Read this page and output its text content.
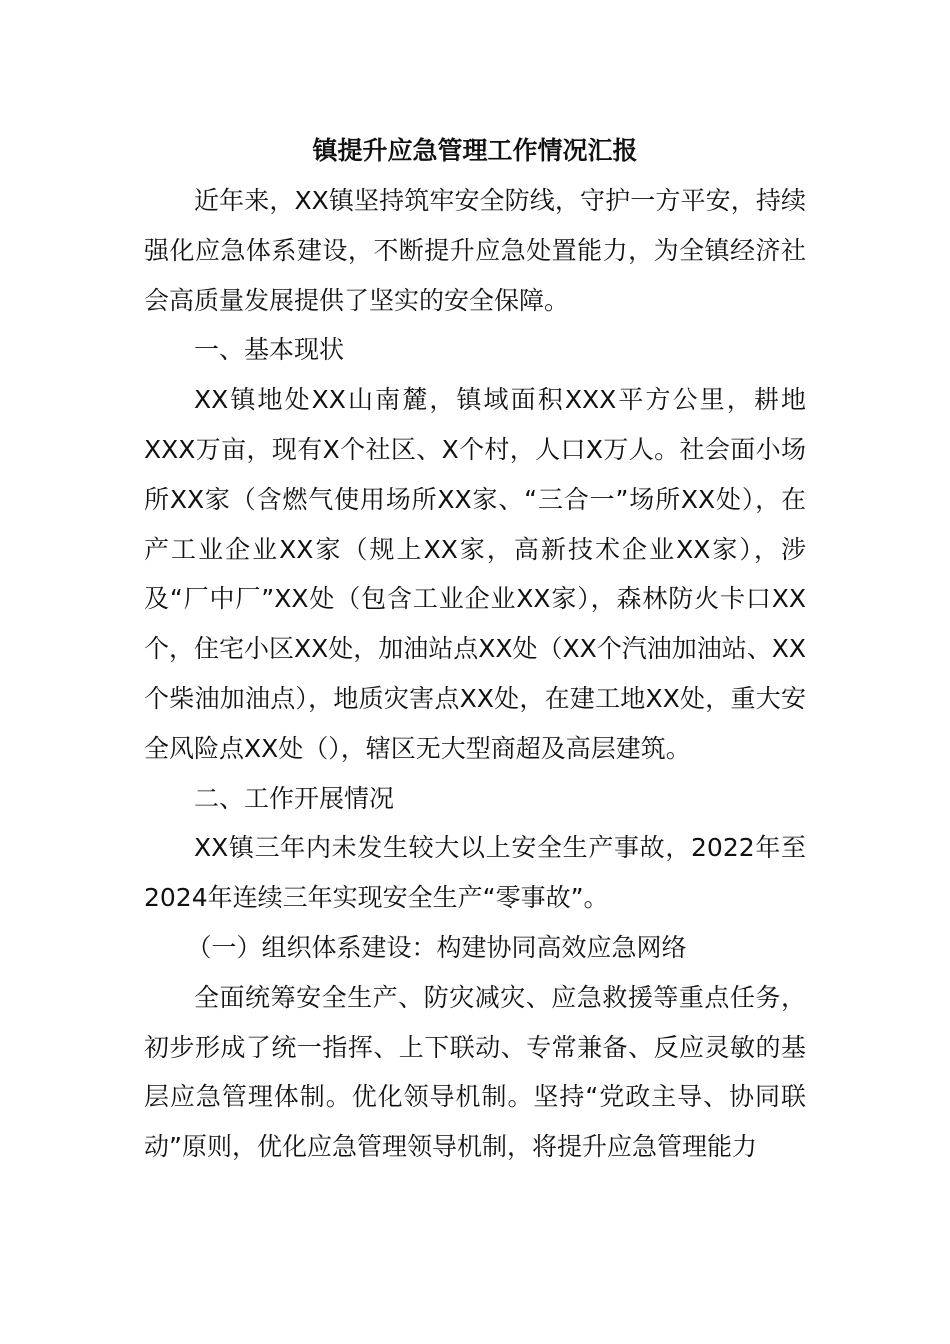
镇提升应急管理工作情况汇报

近年来，XX镇坚持筑牢安全防线，守护一方平安，持续强化应急体系建设，不断提升应急处置能力，为全镇经济社会高质量发展提供了坚实的安全保障。

一、基本现状

XX镇地处XX山南麓，镇域面积XXX平方公里，耕地XXX万亩，现有X个社区、X个村，人口X万人。社会面小场所XX家（含燃气使用场所XX家、“三合一”场所XX处），在产工业企业XX家（规上XX家，高新技术企业XX家），涉及“厂中厂”XX处（包含工业企业XX家），森林防火卡口XX个，住宅小区XX处，加油站点XX处（XX个汽油加油站、XX个柴油加油点），地质灾害点XX处，在建工地XX处，重大安全风险点XX处（），辖区无大型商超及高层建筑。

二、工作开展情况

XX镇三年内未发生较大以上安全生产事故，2022年至2024年连续三年实现安全生产“零事故”。

（一）组织体系建设：构建协同高效应急网络

全面统筹安全生产、防灾减灾、应急救援等重点任务，初步形成了统一指挥、上下联动、专常兼备、反应灵敏的基层应急管理体制。优化领导机制。坚持“党政主导、协同联动”原则，优化应急管理领导机制，将提升应急管理能力
